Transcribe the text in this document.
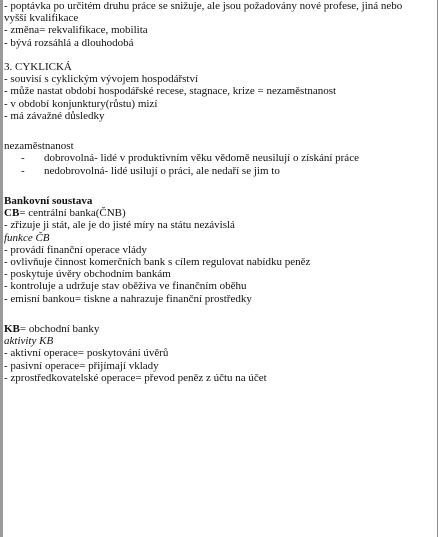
- poptávka po určitém druhu práce se snižuje, ale jsou požadovány nové profese, jiná nebo
vyšší kvalifikace
- změna= rekvalifikace, mobilita
- bývá rozsáhlá a dlouhodobá
3. CYKLICKÁ
- souvisí s cyklickým vývojem hospodářství
- může nastat období hospodářské recese, stagnace, krize = nezaměstnanost
- v období konjunktury(růstu) mizí
- má závažné důsledky
nezaměstnanost
- dobrovolná- lidé v produktivním věku vědomě neusilují o získání práce
- nedobrovolná- lidé usilují o práci, ale nedaří se jim to
Bankovní soustava
CB= centrální banka(ČNB)
- zřizuje ji stát, ale je do jisté míry na státu nezávislá
funkce ČB
- provádí finanční operace vlády
- ovlivňuje činnost komerčních bank s cílem regulovat nabídku peněz
- poskytuje úvěry obchodním bankám
- kontroluje a udržuje stav oběživa ve finančním oběhu
- emisní bankou= tiskne a nahrazuje finanční prostředky
KB= obchodní banky
aktivity KB
- aktivní operace= poskytování úvěrů
- pasivní operace= přijímají vklady
- zprostředkovatelské operace= převod peněz z účtu na účet
